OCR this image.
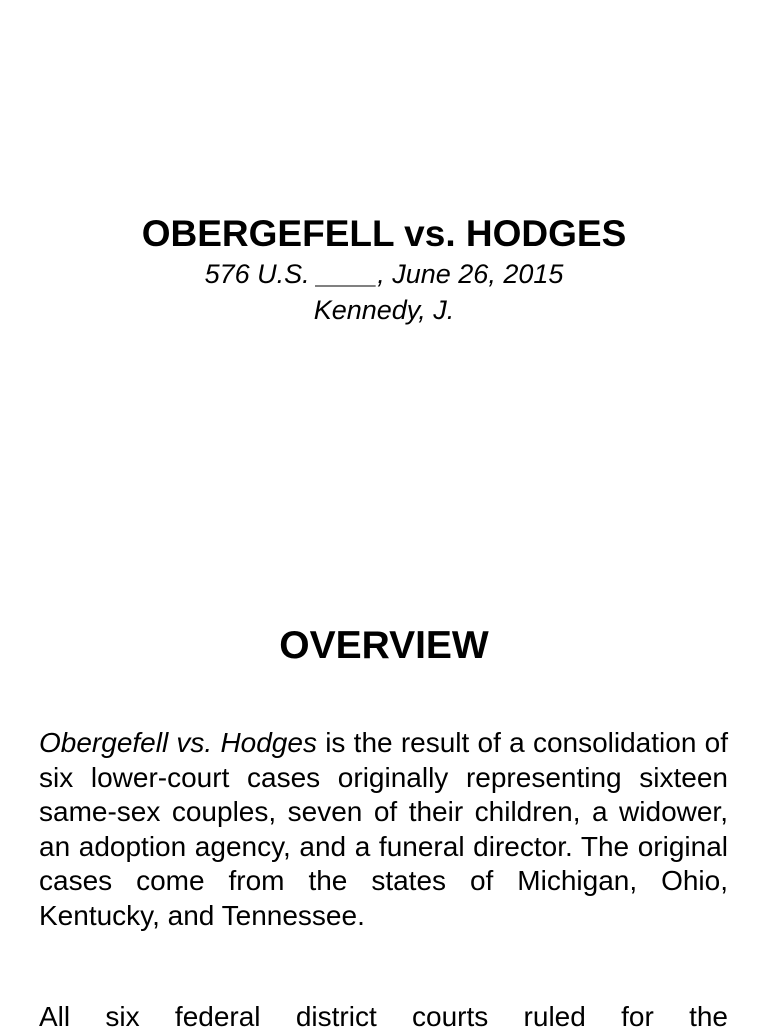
OBERGEFELL vs. HODGES

576 U.S. ____, June 26, 2015

Kennedy, J.

OVERVIEW

Obergefell vs. Hodges is the result of a consolidation of six lower-court cases originally representing sixteen same-sex couples, seven of their children, a widower, an adoption agency, and a funeral director. The original cases come from the states of Michigan, Ohio, Kentucky, and Tennessee.

All six federal district courts ruled for the
